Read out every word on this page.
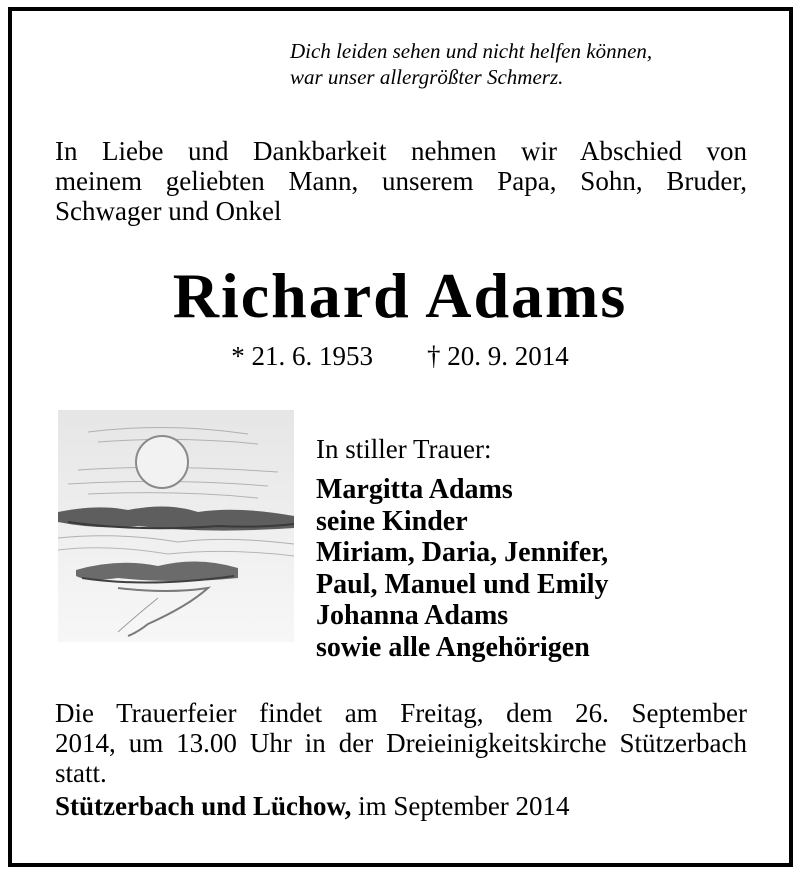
Dich leiden sehen und nicht helfen können,
war unser allergrößter Schmerz.
In Liebe und Dankbarkeit nehmen wir Abschied von
meinem geliebten Mann, unserem Papa, Sohn, Bruder,
Schwager und Onkel
Richard Adams
* 21. 6. 1953        † 20. 9. 2014
In stiller Trauer:
Margitta Adams
seine Kinder
Miriam, Daria, Jennifer,
Paul, Manuel und Emily
Johanna Adams
sowie alle Angehörigen
Die Trauerfeier findet am Freitag, dem 26. September
2014, um 13.00 Uhr in der Dreieinigkeitskirche Stützerbach
statt.
Stützerbach und Lüchow, im September 2014
